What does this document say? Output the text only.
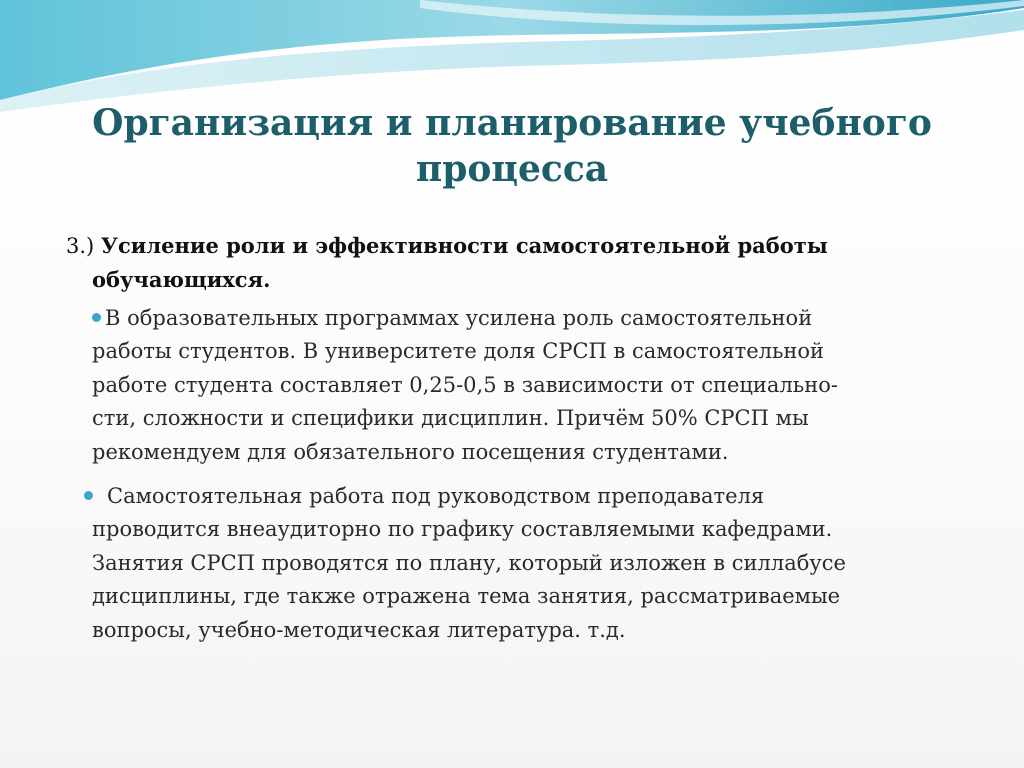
Организация и планирование учебного
процесса
3.) Усиление роли и эффективности самостоятельной работы
обучающихся.
В образовательных программах усилена роль самостоятельной
работы студентов. В университете доля СРСП в самостоятельной
работе студента составляет 0,25-0,5 в зависимости от специально-
сти, сложности и специфики дисциплин. Причём 50% СРСП мы
рекомендуем для обязательного посещения студентами.
Самостоятельная работа под руководством преподавателя
проводится внеаудиторно по графику составляемыми кафедрами.
Занятия СРСП проводятся по плану, который изложен в силлабусе
дисциплины, где также отражена тема занятия, рассматриваемые
вопросы, учебно-методическая литература. т.д.
